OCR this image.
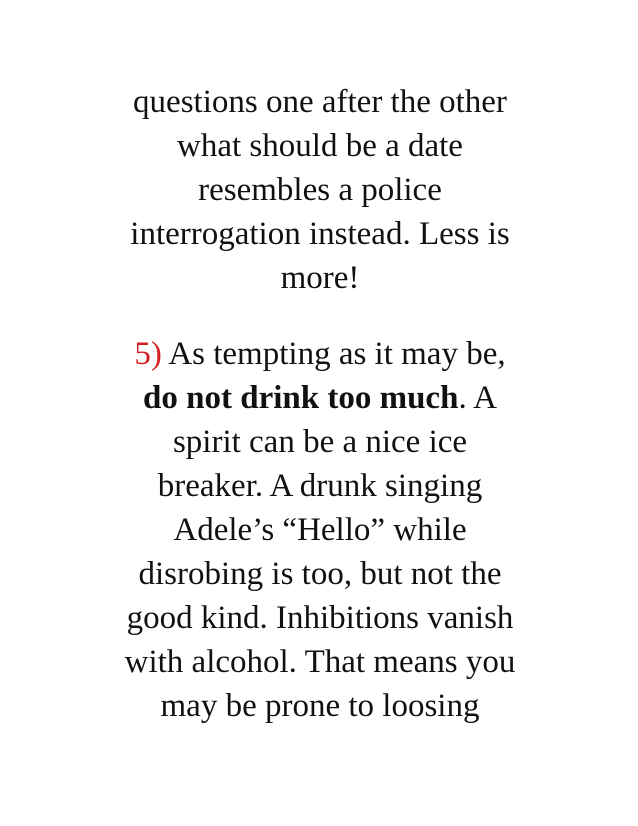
questions one after the other
what should be a date
resembles a police
interrogation instead. Less is
more!
5) As tempting as it may be,
do not drink too much. A
spirit can be a nice ice
breaker. A drunk singing
Adele’s “Hello” while
disrobing is too, but not the
good kind. Inhibitions vanish
with alcohol. That means you
may be prone to loosing
